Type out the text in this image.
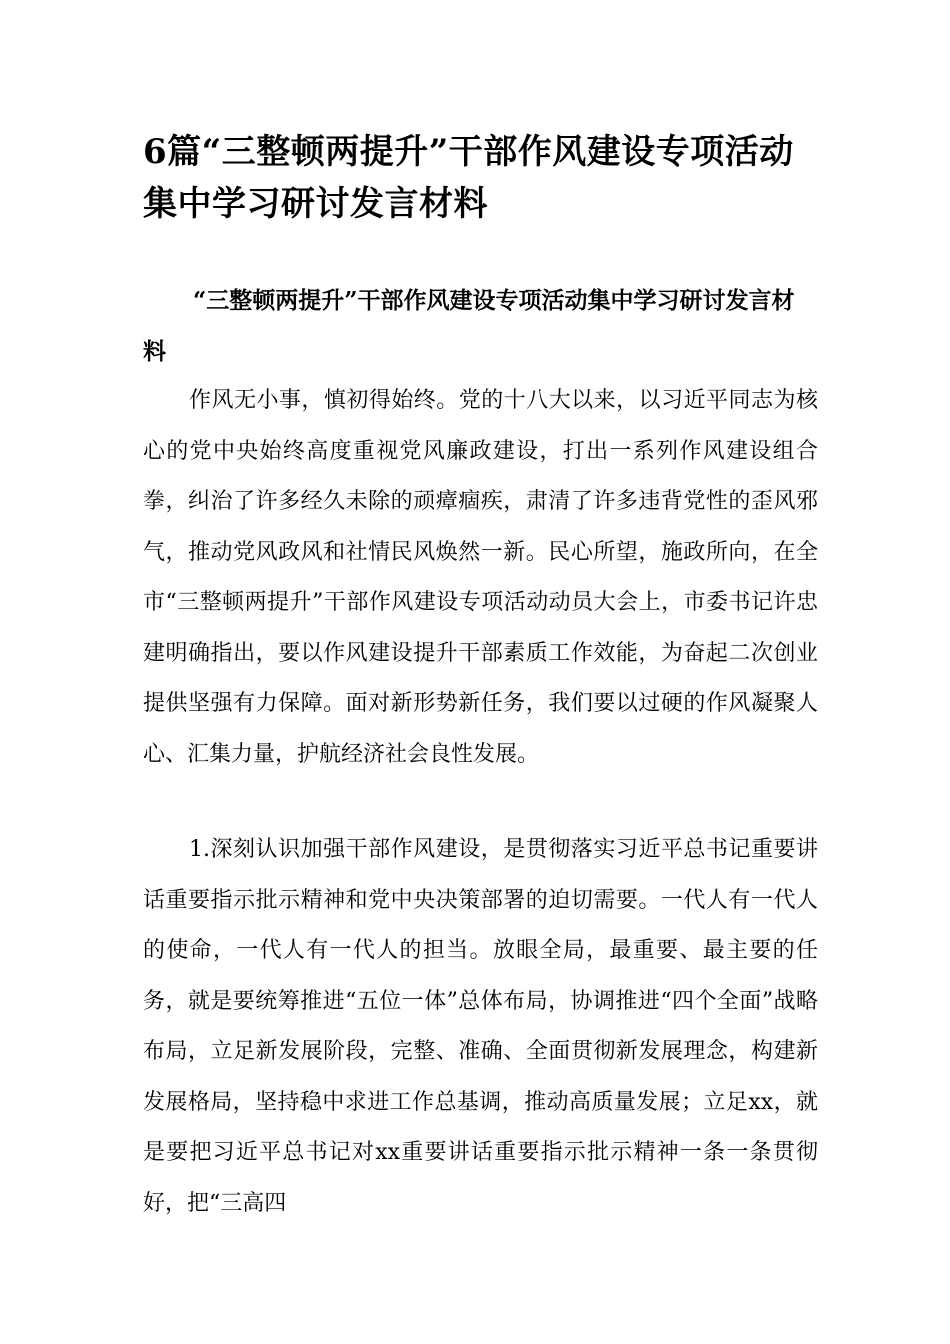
6篇“三整顿两提升”干部作风建设专项活动集中学习研讨发言材料
“三整顿两提升”干部作风建设专项活动集中学习研讨发言材料

作风无小事，慎初得始终。党的十八大以来，以习近平同志为核心的党中央始终高度重视党风廉政建设，打出一系列作风建设组合拳，纠治了许多经久未除的顽瘴痼疾，肃清了许多违背党性的歪风邪气，推动党风政风和社情民风焕然一新。民心所望，施政所向，在全市“三整顿两提升”干部作风建设专项活动动员大会上，市委书记许忠建明确指出，要以作风建设提升干部素质工作效能，为奋起二次创业提供坚强有力保障。面对新形势新任务，我们要以过硬的作风凝聚人心、汇集力量，护航经济社会良性发展。

1.深刻认识加强干部作风建设，是贯彻落实习近平总书记重要讲话重要指示批示精神和党中央决策部署的迫切需要。一代人有一代人的使命，一代人有一代人的担当。放眼全局，最重要、最主要的任务，就是要统筹推进“五位一体”总体布局，协调推进“四个全面”战略布局，立足新发展阶段，完整、准确、全面贯彻新发展理念，构建新发展格局，坚持稳中求进工作总基调，推动高质量发展；立足xx，就是要把习近平总书记对xx重要讲话重要指示批示精神一条一条贯彻好，把“三高四
